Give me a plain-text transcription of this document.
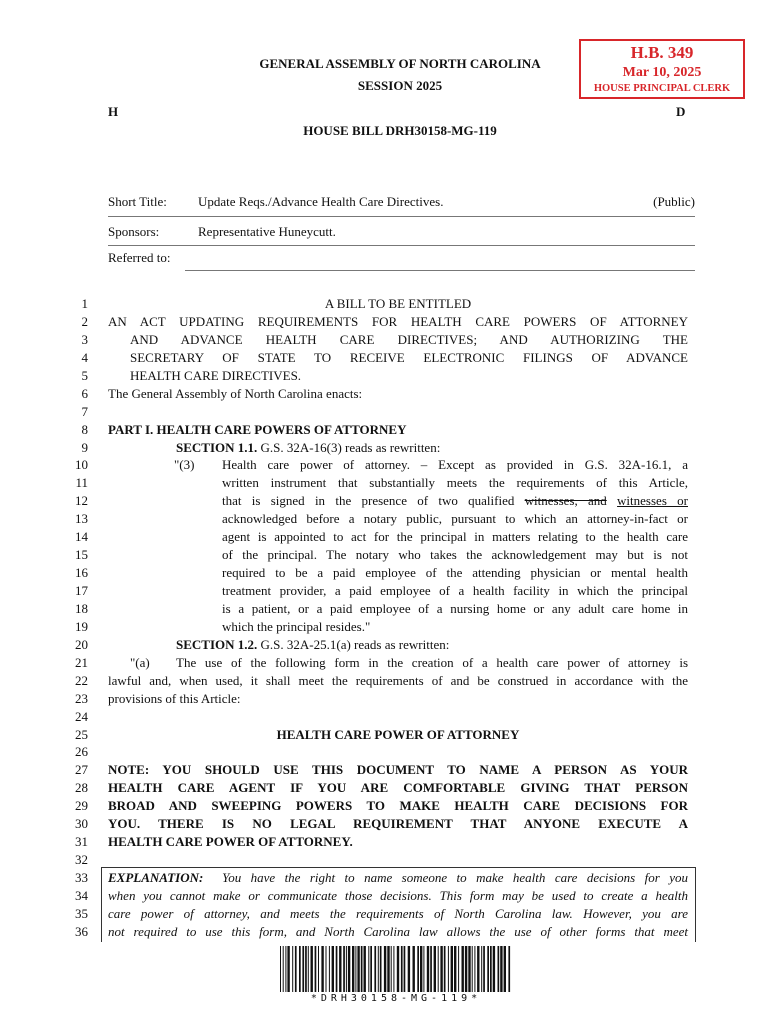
H.B. 349
Mar 10, 2025
HOUSE PRINCIPAL CLERK
GENERAL ASSEMBLY OF NORTH CAROLINA
SESSION 2025
H	D
HOUSE BILL DRH30158-MG-119
Short Title: Update Reqs./Advance Health Care Directives.	(Public)
Sponsors:	Representative Huneycutt.
Referred to:
1
2
3
4
5
6
7
8
9
10
11
12
13
14
15
16
17
18
19
20
21
22
23
24
25
26
27
28
29
30
31
32
33
34
35
36
A BILL TO BE ENTITLED
AN ACT UPDATING REQUIREMENTS FOR HEALTH CARE POWERS OF ATTORNEY
AND ADVANCE HEALTH CARE DIRECTIVES; AND AUTHORIZING THE
SECRETARY OF STATE TO RECEIVE ELECTRONIC FILINGS OF ADVANCE
HEALTH CARE DIRECTIVES.
The General Assembly of North Carolina enacts:
PART I. HEALTH CARE POWERS OF ATTORNEY
SECTION 1.1. G.S. 32A-16(3) reads as rewritten:
"(3)	Health care power of attorney. – Except as provided in G.S. 32A-16.1, a
written instrument that substantially meets the requirements of this Article,
that is signed in the presence of two qualified witnesses, and witnesses or
acknowledged before a notary public, pursuant to which an attorney-in-fact or
agent is appointed to act for the principal in matters relating to the health care
of the principal. The notary who takes the acknowledgement may but is not
required to be a paid employee of the attending physician or mental health
treatment provider, a paid employee of a health facility in which the principal
is a patient, or a paid employee of a nursing home or any adult care home in
which the principal resides."
SECTION 1.2. G.S. 32A-25.1(a) reads as rewritten:
"(a)	The use of the following form in the creation of a health care power of attorney is
lawful and, when used, it shall meet the requirements of and be construed in accordance with the
provisions of this Article:
HEALTH CARE POWER OF ATTORNEY
NOTE: YOU SHOULD USE THIS DOCUMENT TO NAME A PERSON AS YOUR
HEALTH CARE AGENT IF YOU ARE COMFORTABLE GIVING THAT PERSON
BROAD AND SWEEPING POWERS TO MAKE HEALTH CARE DECISIONS FOR
YOU. THERE IS NO LEGAL REQUIREMENT THAT ANYONE EXECUTE A
HEALTH CARE POWER OF ATTORNEY.
EXPLANATION: You have the right to name someone to make health care decisions for you
when you cannot make or communicate those decisions. This form may be used to create a health
care power of attorney, and meets the requirements of North Carolina law. However, you are
not required to use this form, and North Carolina law allows the use of other forms that meet
*DRH30158-MG-119*
